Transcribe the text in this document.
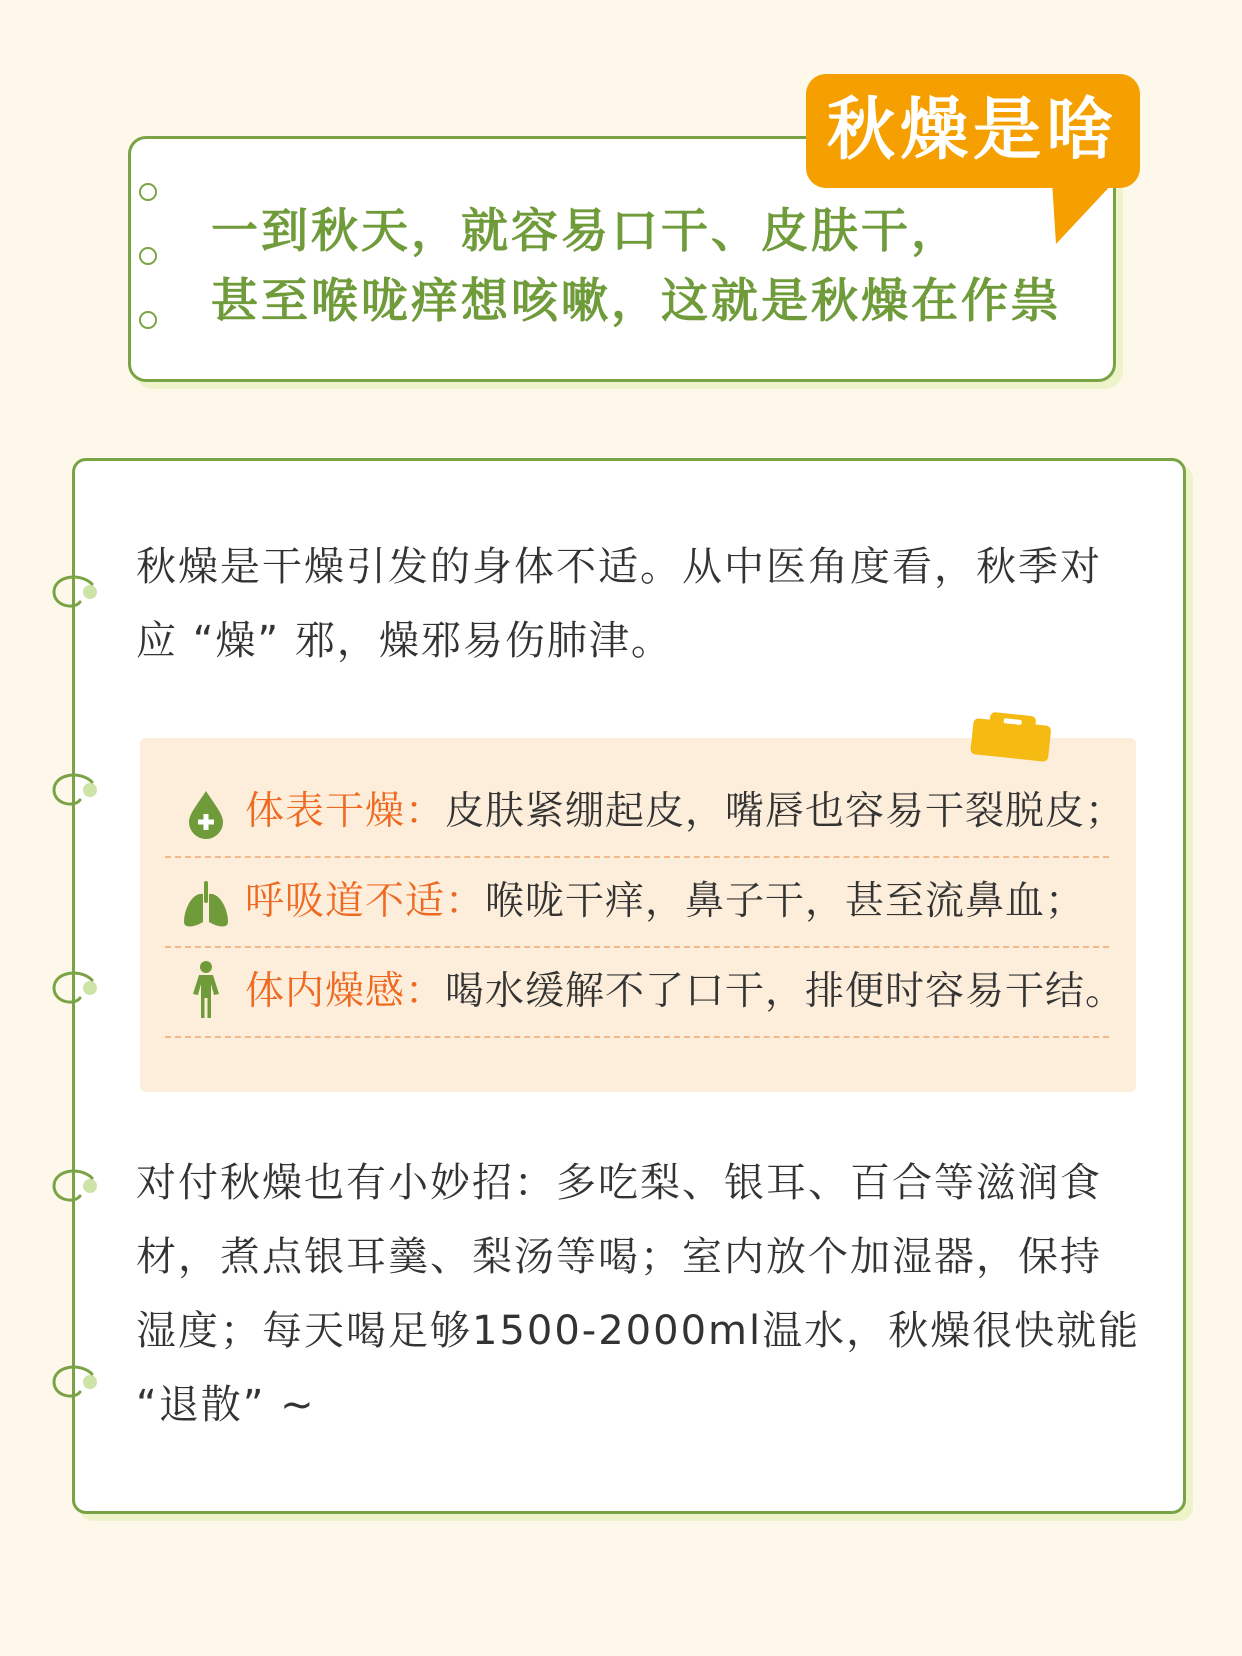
一到秋天，就容易口干、皮肤干，
甚至喉咙痒想咳嗽，这就是秋燥在作祟

秋燥是啥

秋燥是干燥引发的身体不适。从中医角度看，秋季对
应 “燥” 邪，燥邪易伤肺津。

体表干燥：皮肤紧绷起皮，嘴唇也容易干裂脱皮；
呼吸道不适：喉咙干痒，鼻子干，甚至流鼻血；
体内燥感：喝水缓解不了口干，排便时容易干结。

对付秋燥也有小妙招：多吃梨、银耳、百合等滋润食
材，煮点银耳羹、梨汤等喝；室内放个加湿器，保持
湿度；每天喝足够1500-2000ml温水，秋燥很快就能
“退散” ~
